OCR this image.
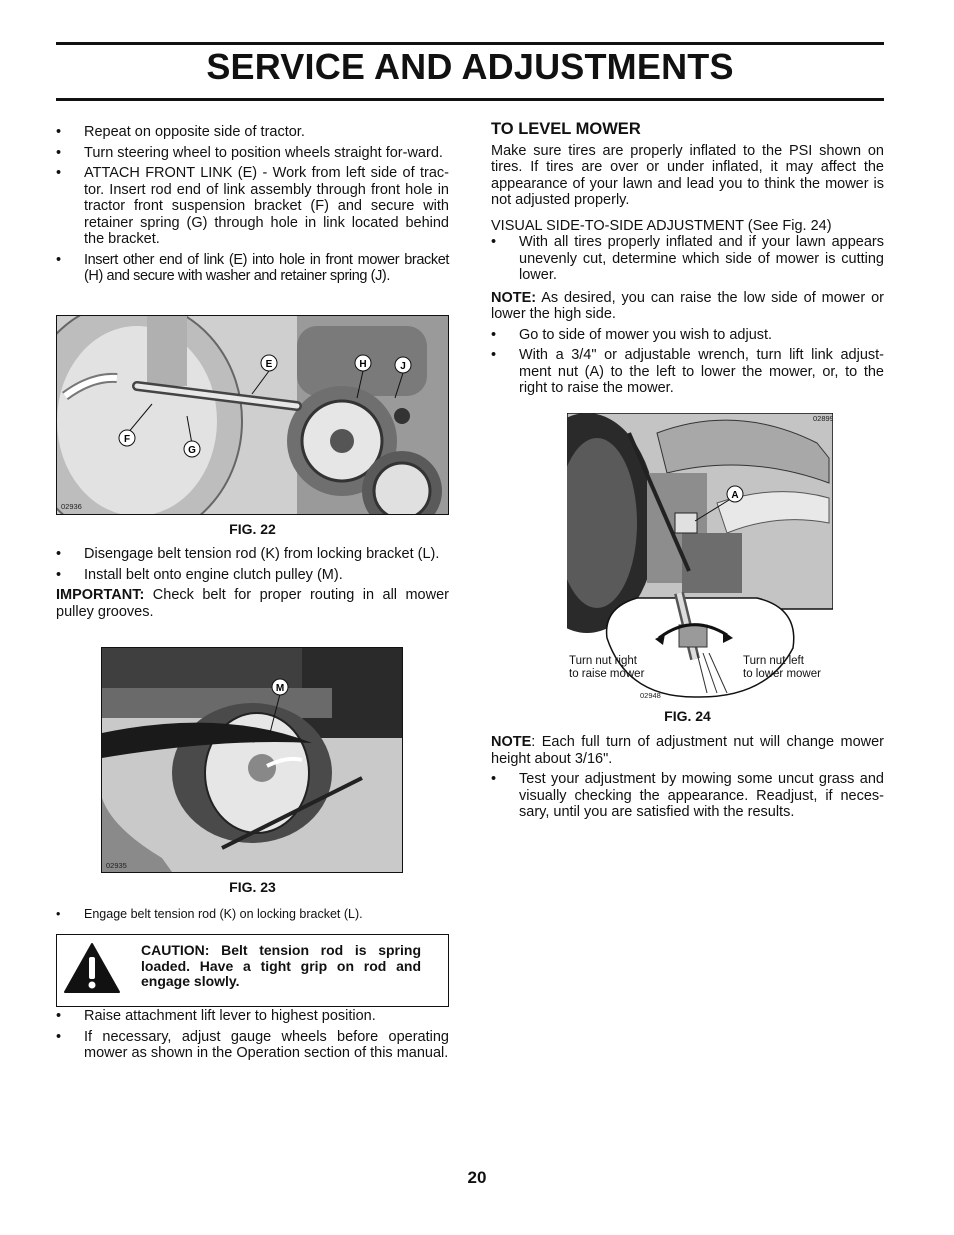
SERVICE AND ADJUSTMENTS
• Repeat on opposite side of tractor.
• Turn steering wheel to position wheels straight for-ward.
• ATTACH FRONT LINK (E) - Work from left side of trac-tor. Insert rod end of link assembly through front hole in tractor front suspension bracket (F) and secure with retainer spring (G) through hole in link located behind the bracket.
• Insert other end of link (E) into hole in front mower bracket (H) and secure with washer and retainer spring (J).
E	H	J
F
G
02936
FIG. 22
• Disengage belt tension rod (K) from locking bracket (L).
• Install belt onto engine clutch pulley (M).

IMPORTANT: Check belt for proper routing in all mower pulley grooves.

M
02935
FIG. 23
• Engage belt tension rod (K) on locking bracket (L).
CAUTION: Belt tension rod is spring loaded. Have a tight grip on rod and engage slowly.
• Raise attachment lift lever to highest position.
• If necessary, adjust gauge wheels before operating mower as shown in the Operation section of this manual.
TO LEVEL MOWER

Make sure tires are properly inflated to the PSI shown on tires. If tires are over or under inflated, it may affect the appearance of your lawn and lead you to think the mower is not adjusted properly.

VISUAL SIDE-TO-SIDE ADJUSTMENT (See Fig. 24)

• With all tires properly inflated and if your lawn appears unevenly cut, determine which side of mower is cutting lower.

NOTE: As desired, you can raise the low side of mower or lower the high side.

• Go to side of mower you wish to adjust.
• With a 3/4" or adjustable wrench, turn lift link adjust-ment nut (A) to the left to lower the mower, or, to the right to raise the mower.
A
02899
02948
Turn nut right
to raise mower
Turn nut left
to lower mower
FIG. 24

NOTE: Each full turn of adjustment nut will change mower height about 3/16".

• Test your adjustment by mowing some uncut grass and visually checking the appearance. Readjust, if neces-sary, until you are satisfied with the results.
20
